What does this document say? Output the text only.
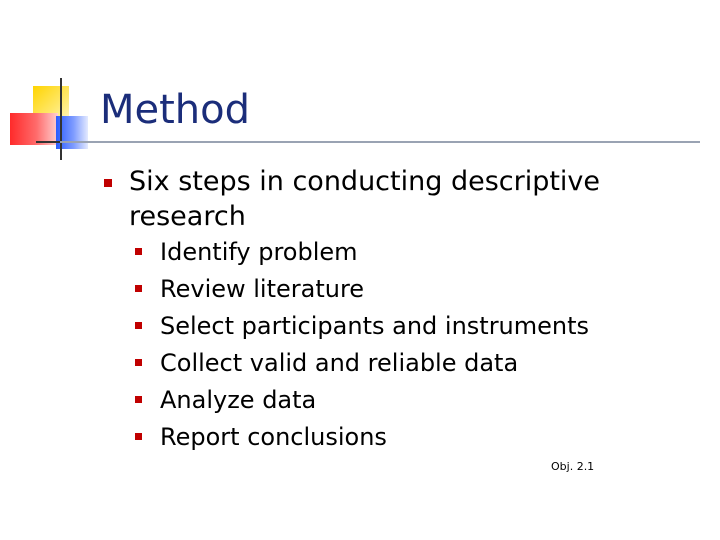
Method
Six steps in conducting descriptive research
Identify problem
Review literature
Select participants and instruments
Collect valid and reliable data
Analyze data
Report conclusions
Obj. 2.1
